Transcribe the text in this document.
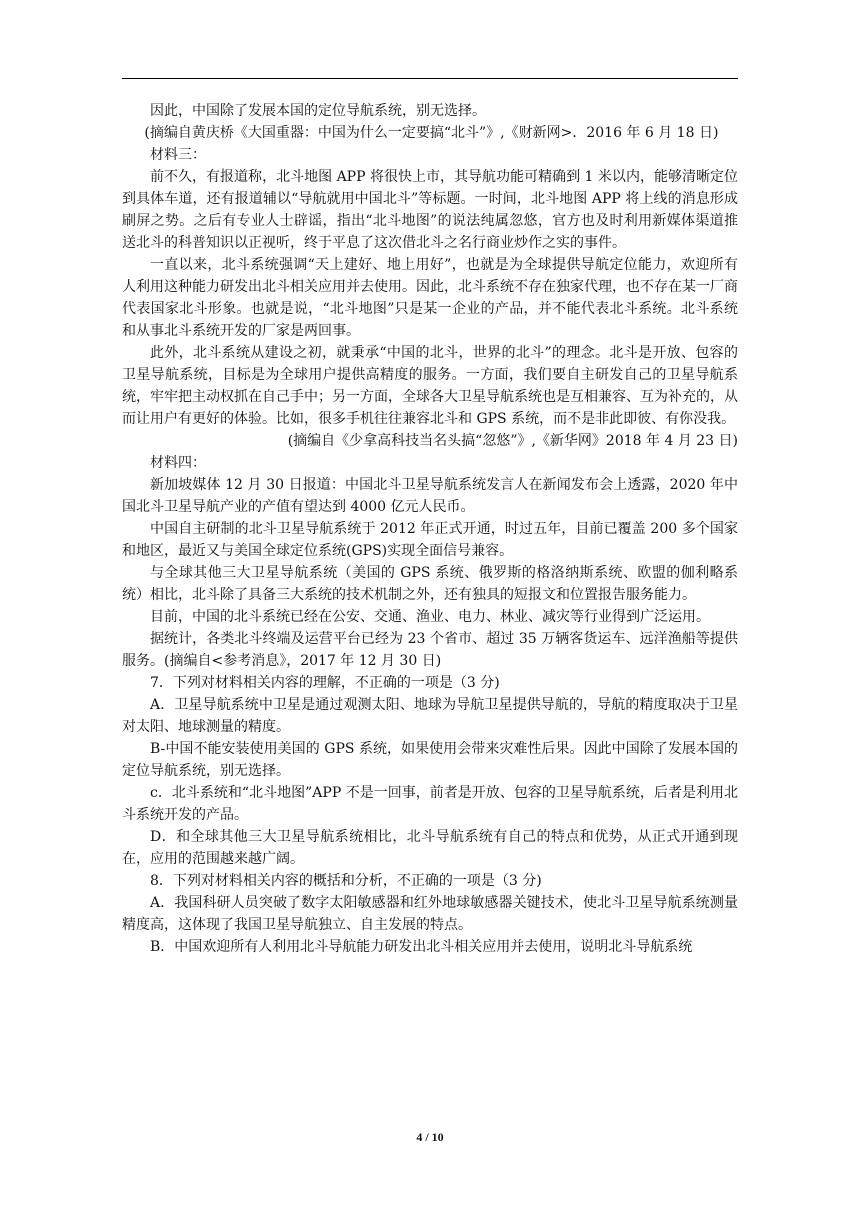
因此，中国除了发展本国的定位导航系统，别无选择。

(摘编自黄庆桥《大国重器：中国为什么一定要搞“北斗”》,《财新网>．2016 年 6 月 18 日)

材料三：

前不久，有报道称，北斗地图 APP 将很快上市，其导航功能可精确到 1 米以内，能够清晰定位到具体车道，还有报道辅以“导航就用中国北斗”等标题。一时间，北斗地图 APP 将上线的消息形成刷屏之势。之后有专业人士辟谣，指出“北斗地图”的说法纯属忽悠，官方也及时利用新媒体渠道推送北斗的科普知识以正视听，终于平息了这次借北斗之名行商业炒作之实的事件。

一直以来，北斗系统强调“天上建好、地上用好”，也就是为全球提供导航定位能力，欢迎所有人利用这种能力研发出北斗相关应用并去使用。因此，北斗系统不存在独家代理，也不存在某一厂商代表国家北斗形象。也就是说，“北斗地图”只是某一企业的产品，并不能代表北斗系统。北斗系统和从事北斗系统开发的厂家是两回事。

此外，北斗系统从建设之初，就秉承“中国的北斗，世界的北斗”的理念。北斗是开放、包容的卫星导航系统，目标是为全球用户提供高精度的服务。一方面，我们要自主研发自己的卫星导航系统，牢牢把主动权抓在自己手中；另一方面，全球各大卫星导航系统也是互相兼容、互为补充的，从而让用户有更好的体验。比如，很多手机往往兼容北斗和 GPS 系统，而不是非此即彼、有你没我。

(摘编自《少拿高科技当名头搞“忽悠”》,《新华网》2018 年 4 月 23 日)

材料四：

新加坡媒体 12 月 30 日报道：中国北斗卫星导航系统发言人在新闻发布会上透露，2020 年中国北斗卫星导航产业的产值有望达到 4000 亿元人民币。

中国自主研制的北斗卫星导航系统于 2012 年正式开通，时过五年，目前已覆盖 200 多个国家和地区，最近又与美国全球定位系统(GPS)实现全面信号兼容。

与全球其他三大卫星导航系统（美国的 GPS 系统、俄罗斯的格洛纳斯系统、欧盟的伽利略系统）相比，北斗除了具备三大系统的技术机制之外，还有独具的短报文和位置报告服务能力。

目前，中国的北斗系统已经在公安、交通、渔业、电力、林业、减灾等行业得到广泛运用。

据统计，各类北斗终端及运营平台已经为 23 个省市、超过 35 万辆客货运车、远洋渔船等提供服务。(摘编自<参考消息》，2017 年 12 月 30 日)

7．下列对材料相关内容的理解，不正确的一项是（3 分)

A．卫星导航系统中卫星是通过观测太阳、地球为导航卫星提供导航的，导航的精度取决于卫星对太阳、地球测量的精度。

B-中国不能安装使用美国的 GPS 系统，如果使用会带来灾难性后果。因此中国除了发展本国的定位导航系统，别无选择。

c．北斗系统和“北斗地图”APP 不是一回事，前者是开放、包容的卫星导航系统，后者是利用北斗系统开发的产品。

D．和全球其他三大卫星导航系统相比，北斗导航系统有自己的特点和优势，从正式开通到现在，应用的范围越来越广阔。

8．下列对材料相关内容的概括和分析，不正确的一项是（3 分)

A．我国科研人员突破了数字太阳敏感器和红外地球敏感器关键技术，使北斗卫星导航系统测量精度高，这体现了我国卫星导航独立、自主发展的特点。

B．中国欢迎所有人利用北斗导航能力研发出北斗相关应用并去使用，说明北斗导航系统

4 / 10
